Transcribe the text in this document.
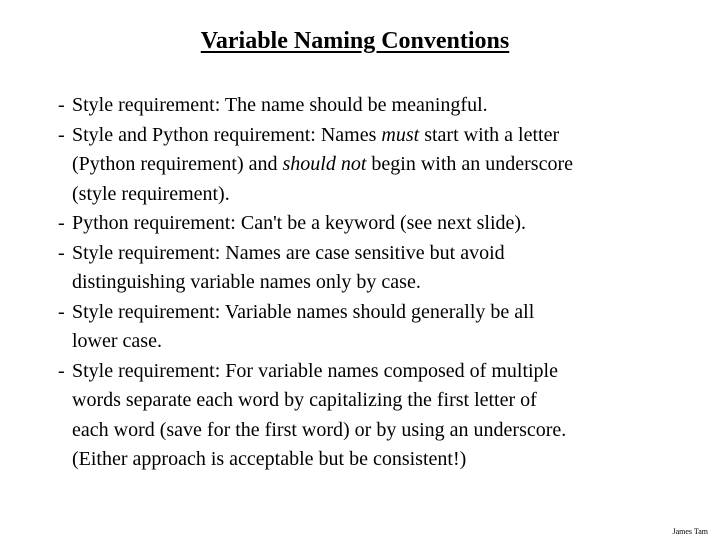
Variable Naming Conventions
- Style requirement: The name should be meaningful.
- Style and Python requirement: Names must start with a letter
(Python requirement) and should not begin with an underscore
(style requirement).
- Python requirement: Can't be a keyword (see next slide).
- Style requirement: Names are case sensitive but avoid
distinguishing variable names only by case.
- Style requirement: Variable names should generally be all
lower case.
- Style requirement: For variable names composed of multiple
words separate each word by capitalizing the first letter of
each word (save for the first word) or by using an underscore.
(Either approach is acceptable but be consistent!)
James Tam
